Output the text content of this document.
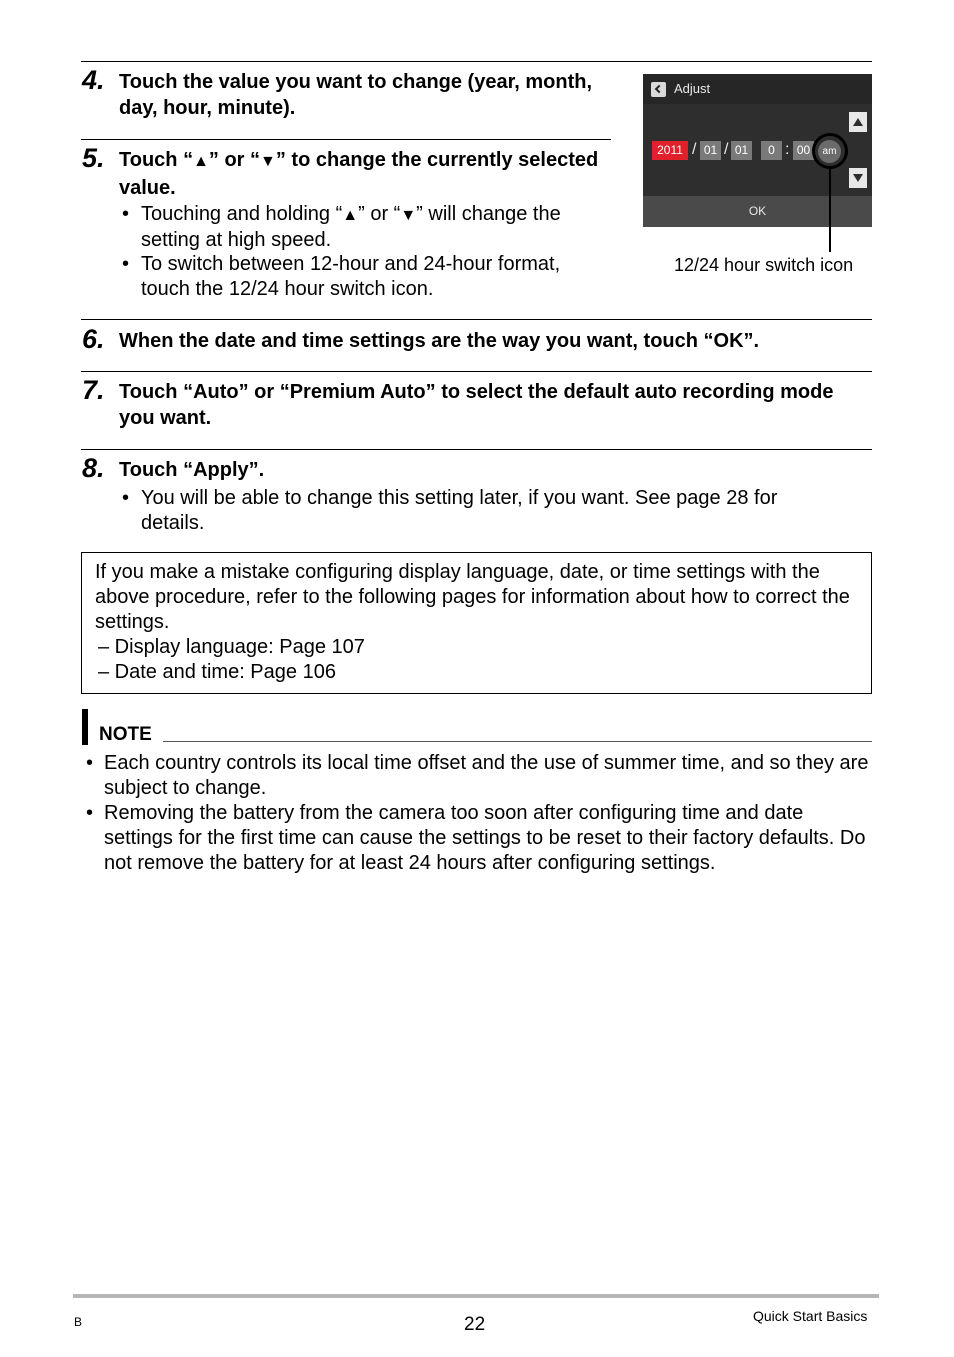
4. Touch the value you want to change (year, month, day, hour, minute).
5. Touch “▲” or “▼” to change the currently selected value.
• Touching and holding “▲” or “▼” will change the setting at high speed.
• To switch between 12-hour and 24-hour format, touch the 12/24 hour switch icon.
Adjust
2011 / 01 / 01	0 : 00	am
OK
12/24 hour switch icon
6. When the date and time settings are the way you want, touch “OK”.
7. Touch “Auto” or “Premium Auto” to select the default auto recording mode you want.
8. Touch “Apply”.
• You will be able to change this setting later, if you want. See page 28 for details.
If you make a mistake configuring display language, date, or time settings with the above procedure, refer to the following pages for information about how to correct the settings.
– Display language: Page 107
– Date and time: Page 106
NOTE
• Each country controls its local time offset and the use of summer time, and so they are subject to change.
• Removing the battery from the camera too soon after configuring time and date settings for the first time can cause the settings to be reset to their factory defaults. Do not remove the battery for at least 24 hours after configuring settings.
B	22	Quick Start Basics
